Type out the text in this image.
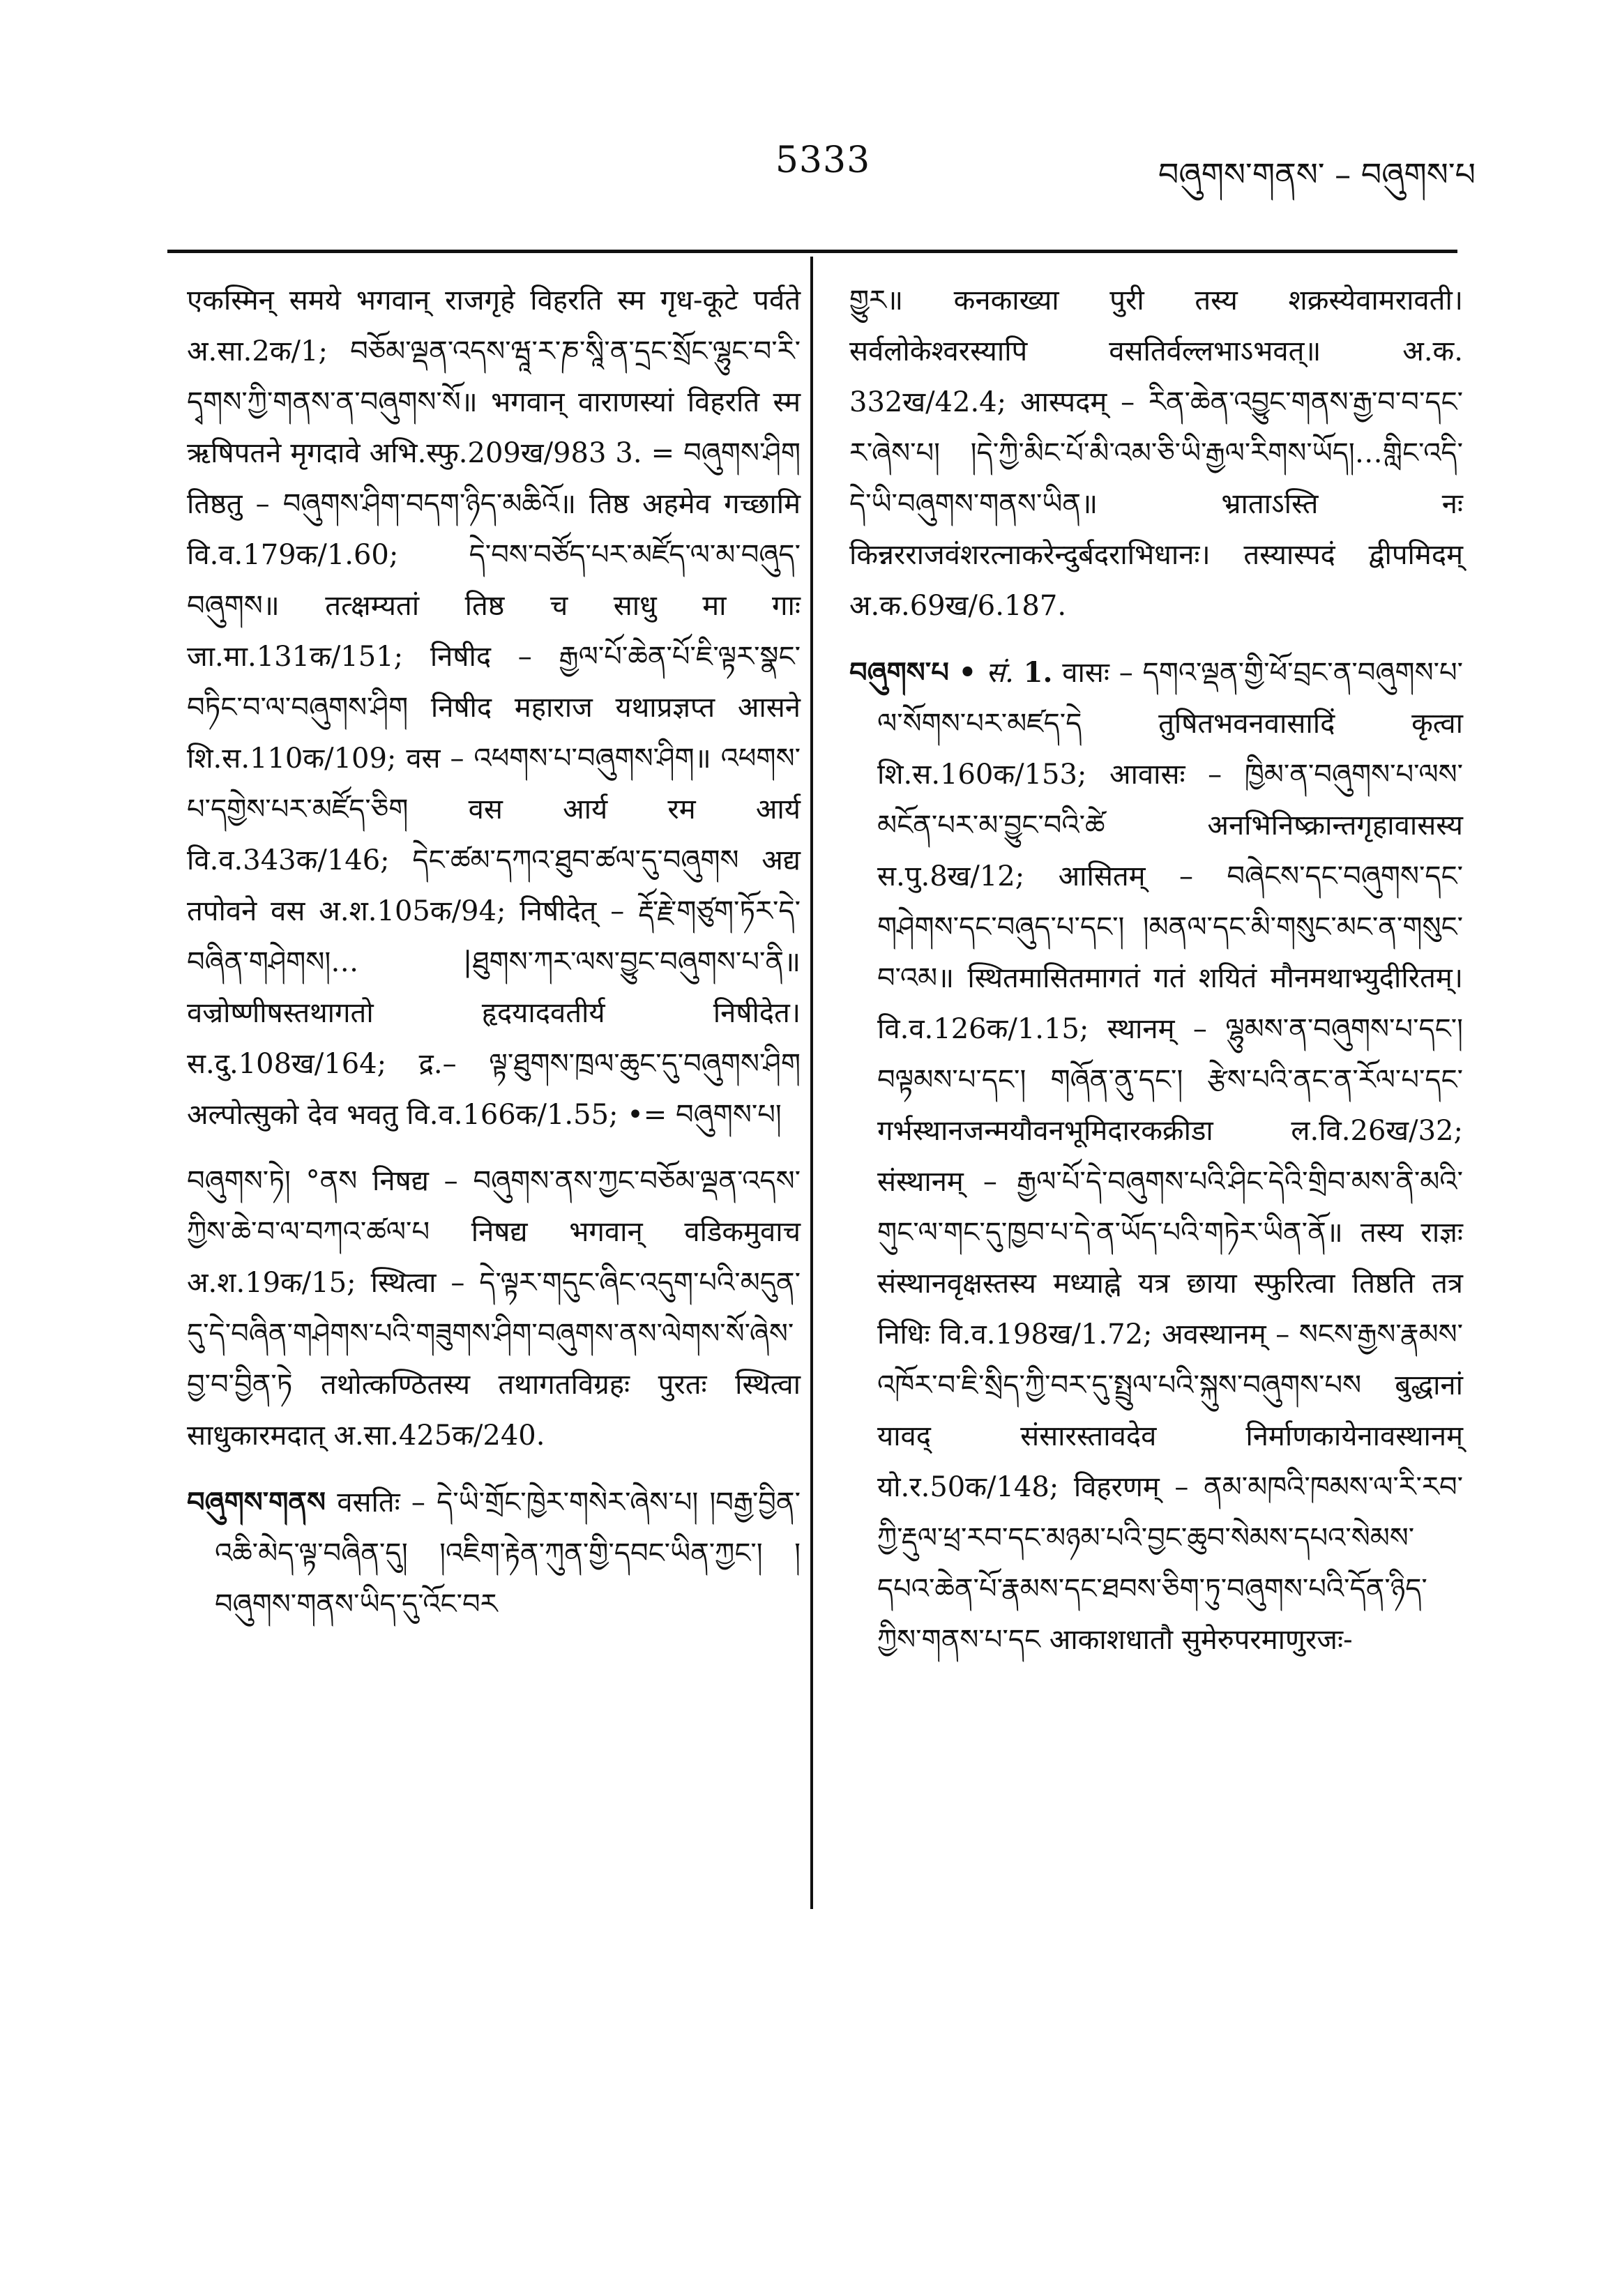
5333	བཞུགས་གནས་ – བཞུགས་པ

एकस्मिन् समये भगवान् राजगृहे विहरति स्म गृध-कूटे पर्वते अ.सा.2क/1; བཅོམ་ལྡན་འདས་ཝཱ་ར་ཎ་སཱི་ན་དྲང་སྲོང་ལྷུང་བ་རི་དྭགས་ཀྱི་གནས་ན་བཞུགས་སོ॥ भगवान् वाराणस्यां विहरति स्म ऋषिपतने मृगदावे अभि.स्फु.209ख/983 3. = བཞུགས་ཤིག तिष्ठतु – བཞུགས་ཤིག་བདག་ཉིད་མཆིའོ॥ तिष्ठ अहमेव गच्छामि वि.व.179क/1.60; དེ་བས་བཙོད་པར་མཛོད་ལ་མ་བཞུད་བཞུགས॥ तत्क्षम्यतां तिष्ठ च साधु मा गाः जा.मा.131क/151; निषीद – རྒྱལ་པོ་ཆེན་པོ་ཇི་ལྟར་སྣང་བཏིང་བ་ལ་བཞུགས་ཤིག निषीद महाराज यथाप्रज्ञप्त आसने शि.स.110क/109; वस – འཕགས་པ་བཞུགས་ཤིག॥ འཕགས་པ་དགྱེས་པར་མཛོད་ཅིག वस आर्य रम आर्य वि.व.343क/146; དེང་ཚམ་དཀའ་ཐུབ་ཚལ་དུ་བཞུགས अद्य तपोवने वस अ.श.105क/94; निषीदेत् – རྡོ་རྗེ་གཙུག་ཏོར་དེ་བཞིན་གཤེགས།… |ཐུགས་ཀར་ལས་བྱུང་བཞུགས་པ་ནི॥ वज्रोष्णीषस्तथागतो हृदयादवतीर्य निषीदेत। स.दु.108ख/164; द्र.– ལྟ་ཐུགས་ཁྲལ་ཆུང་དུ་བཞུགས་ཤིག अल्पोत्सुको देव भवतु वि.व.166क/1.55; •= བཞུགས་པ།

བཞུགས་ཏེ། °ནས निषद्य – བཞུགས་ནས་ཀྱང་བཅོམ་ལྡན་འདས་ཀྱིས་ཆེ་བ་ལ་བཀའ་ཚལ་པ निषद्य भगवान् वडिकमुवाच अ.श.19क/15; स्थित्वा – དེ་ལྟར་གདུང་ཞིང་འདུག་པའི་མདུན་དུ་དེ་བཞིན་གཤེགས་པའི་གཟུགས་ཤིག་བཞུགས་ནས་ལེགས་སོ་ཞེས་བྱ་བ་བྱིན་ཏེ तथोत्कण्ठितस्य तथागतविग्रहः पुरतः स्थित्वा साधुकारमदात् अ.सा.425क/240.

བཞུགས་གནས वसतिः – དེ་ཡི་གྲོང་ཁྱེར་གསེར་ཞེས་པ། །བརྒྱ་བྱིན་འཆི་མེད་ལྟ་བཞིན་དུ། །འཇིག་རྟེན་ཀུན་གྱི་དབང་ཡིན་ཀྱང་། །བཞུགས་གནས་ཡིད་དུ་འོང་བར

གྱུར॥ कनकाख्या पुरी तस्य शक्रस्येवामरावती। सर्वलोकेश्वरस्यापि वसतिर्वल्लभाऽभवत्॥ अ.क. 332ख/42.4; आस्पदम् – རིན་ཆེན་འབྱུང་གནས་རྒྱ་བ་བ་དང་ར་ཞེས་པ། །དེ་ཀྱི་མིང་པོ་མི་འམ་ཅི་ཡི་རྒྱལ་རིགས་ཡོད།…གླིང་འདི་དེ་ཡི་བཞུགས་གནས་ཡིན॥ भ्राताऽस्ति नः किन्नरराजवंशरत्नाकरेन्दुर्बदराभिधानः। तस्यास्पदं द्वीपमिदम् अ.क.69ख/6.187.

བཞུགས་པ • सं. 1. वासः – དགའ་ལྡན་གྱི་ཕོ་བྲང་ན་བཞུགས་པ་ལ་སོགས་པར་མཛད་དེ तुषितभवनवासादिं कृत्वा शि.स.160क/153; आवासः – ཁྱིམ་ན་བཞུགས་པ་ལས་མངོན་པར་མ་བྱུང་བའི་ཚེ अनभिनिष्क्रान्तगृहावासस्य स.पु.8ख/12; आसितम् – བཞེངས་དང་བཞུགས་དང་གཤེགས་དང་བཞུད་པ་དང་། །མནལ་དང་མི་གསུང་མང་ན་གསུང་བ་འམ॥ स्थितमासितमागतं गतं शयितं मौनमथाभ्युदीरितम्। वि.व.126क/1.15; स्थानम् – ལྷུམས་ན་བཞུགས་པ་དང་། བལྟམས་པ་དང་། གཞོན་ནུ་དང་། རྩེས་པའི་ནང་ན་རོལ་པ་དང་ गर्भस्थानजन्मयौवनभूमिदारकक्रीडा ल.वि.26ख/32; संस्थानम् – རྒྱལ་པོ་དེ་བཞུགས་པའི་ཤིང་དེའི་གྲིབ་མས་ནི་མའི་གུང་ལ་གང་དུ་ཁྱབ་པ་དེ་ན་ཡོད་པའི་གཏེར་ཡིན་ནོ॥ तस्य राज्ञः संस्थानवृक्षस्तस्य मध्याह्ने यत्र छाया स्फुरित्वा तिष्ठति तत्र निधिः वि.व.198ख/1.72; अवस्थानम् – སངས་རྒྱས་རྣམས་འཁོར་བ་ཇི་སྲིད་ཀྱི་བར་དུ་སྤྲུལ་པའི་སྐུས་བཞུགས་པས बुद्धानां यावद् संसारस्तावदेव निर्माणकायेनावस्थानम् यो.र.50क/148; विहरणम् – ནམ་མཁའི་ཁམས་ལ་རི་རབ་ཀྱི་རྡུལ་ཕྲ་རབ་དང་མཉམ་པའི་བྱང་ཆུབ་སེམས་དཔའ་སེམས་དཔའ་ཆེན་པོ་རྣམས་དང་ཐབས་ཅིག་ཏུ་བཞུགས་པའི་དོན་ཉིད་ཀྱིས་གནས་པ་དང आकाशधातौ सुमेरुपरमाणुरजः-
